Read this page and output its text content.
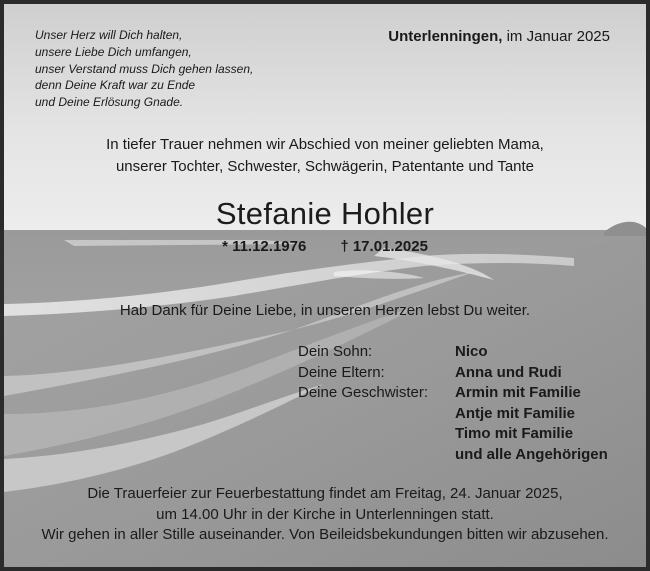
Unser Herz will Dich halten,
unsere Liebe Dich umfangen,
unser Verstand muss Dich gehen lassen,
denn Deine Kraft war zu Ende
und Deine Erlösung Gnade.
Unterlenningen, im Januar 2025
In tiefer Trauer nehmen wir Abschied von meiner geliebten Mama,
unserer Tochter, Schwester, Schwägerin, Patentante und Tante
Stefanie Hohler
* 11.12.1976 † 17.01.2025
Hab Dank für Deine Liebe, in unseren Herzen lebst Du weiter.
Dein Sohn:	Nico
Deine Eltern:	Anna und Rudi
Deine Geschwister: Armin mit Familie
Antje mit Familie
Timo mit Familie
und alle Angehörigen
Die Trauerfeier zur Feuerbestattung findet am Freitag, 24. Januar 2025,
um 14.00 Uhr in der Kirche in Unterlenningen statt.
Wir gehen in aller Stille auseinander. Von Beileidsbekundungen bitten wir abzusehen.
